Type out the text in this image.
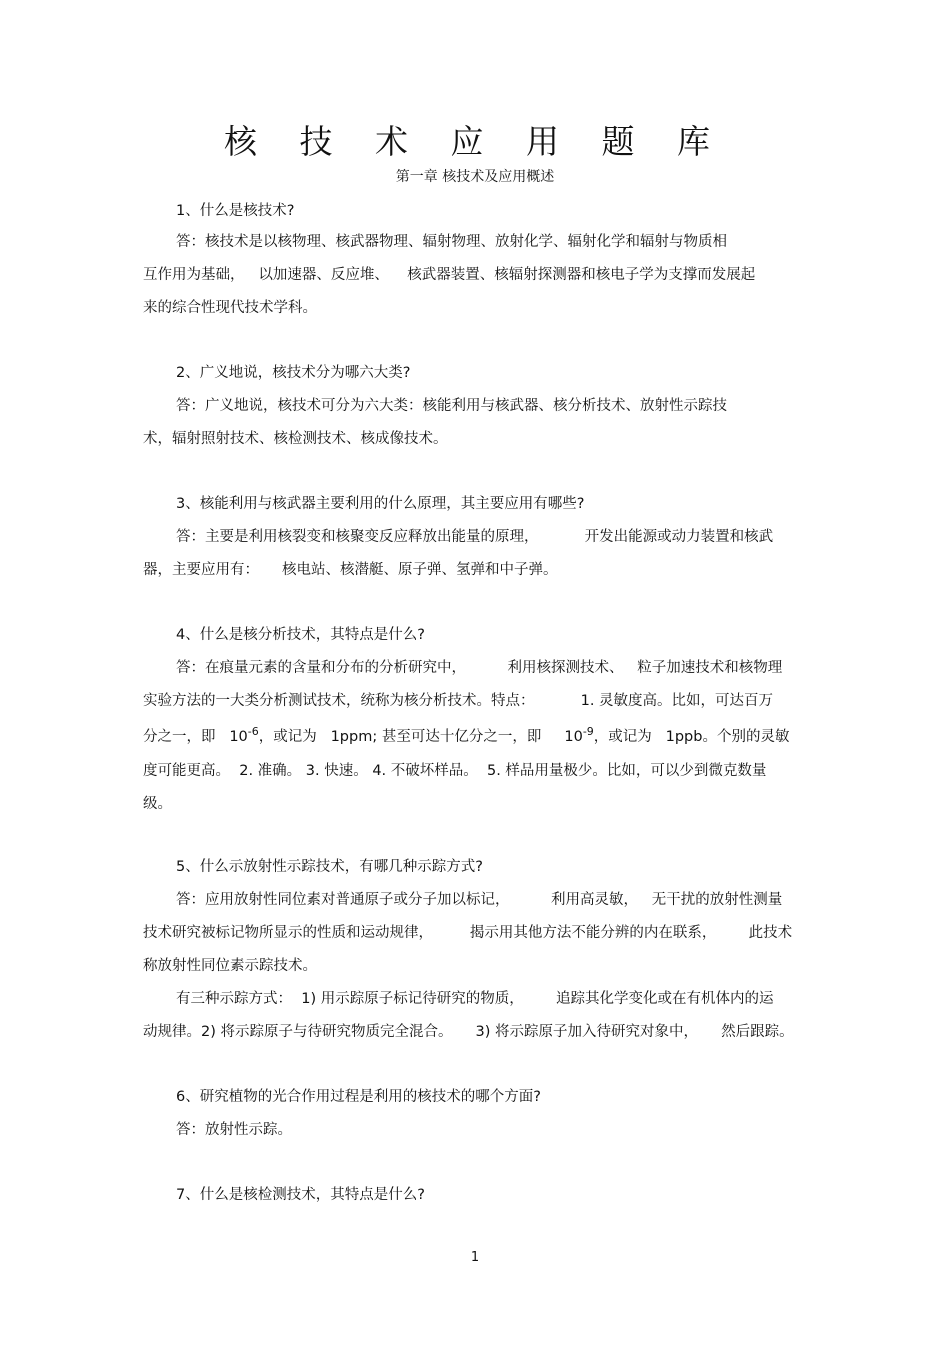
核 技 术 应 用 题 库
第一章 核技术及应用概述
1、什么是核技术?
答：核技术是以核物理、核武器物理、辐射物理、放射化学、辐射化学和辐射与物质相
互作用为基础，   以加速器、反应堆、    核武器装置、核辐射探测器和核电子学为支撑而发展起
来的综合性现代技术学科。
2、广义地说，核技术分为哪六大类?
答：广义地说，核技术可分为六大类：核能利用与核武器、核分析技术、放射性示踪技
术，辐射照射技术、核检测技术、核成像技术。
3、核能利用与核武器主要利用的什么原理，其主要应用有哪些?
答：主要是利用核裂变和核聚变反应释放出能量的原理，          开发出能源或动力装置和核武
器，主要应用有：     核电站、核潜艇、原子弹、氢弹和中子弹。
4、什么是核分析技术，其特点是什么?
答：在痕量元素的含量和分布的分析研究中，         利用核探测技术、   粒子加速技术和核物理
实验方法的一大类分析测试技术，统称为核分析技术。特点：          1. 灵敏度高。比如，可达百万
分之一，即   $10^{-6}$，或记为   1ppm; 甚至可达十亿分之一，即     $10^{-9}$，或记为   1ppb。个别的灵敏
度可能更高。  2. 准确。 3. 快速。 4. 不破坏样品。  5. 样品用量极少。比如，可以少到微克数量
级。
5、什么示放射性示踪技术，有哪几种示踪方式?
答：应用放射性同位素对普通原子或分子加以标记，         利用高灵敏，   无干扰的放射性测量
技术研究被标记物所显示的性质和运动规律，        揭示用其他方法不能分辨的内在联系，       此技术
称放射性同位素示踪技术。
有三种示踪方式：  1) 用示踪原子标记待研究的物质，       追踪其化学变化或在有机体内的运
动规律。2) 将示踪原子与待研究物质完全混合。     3) 将示踪原子加入待研究对象中，     然后跟踪。
6、研究植物的光合作用过程是利用的核技术的哪个方面?
答：放射性示踪。
7、什么是核检测技术，其特点是什么?
1
